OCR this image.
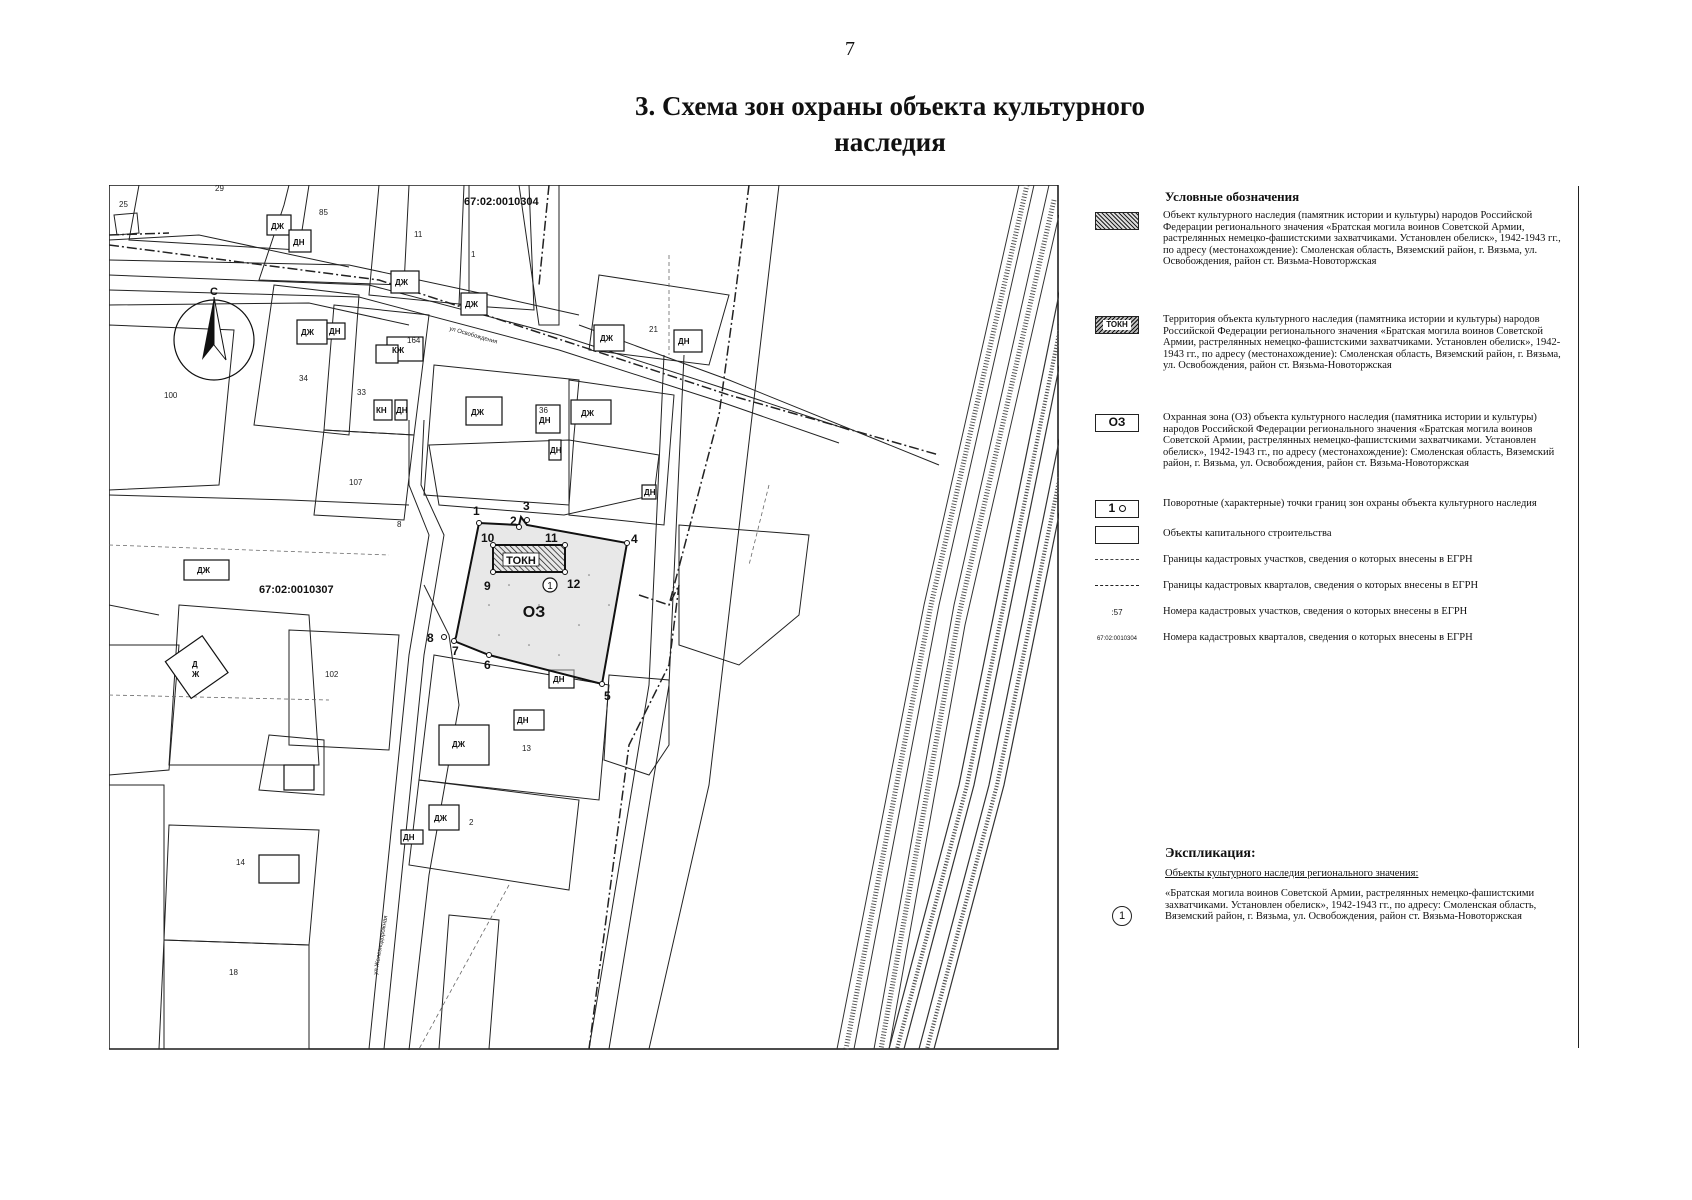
7
3. Схема зон охраны объекта культурного
наследия
ТОКН
ОЗ
1
1
2
3
4
5
6
7
8
9
10	11
12
С
67:02:0010304
67:02:0010307
ул Освобождения
ул Железнодорожная
29
25
85
11
100
34
33
107
36
21
102
13
2
14
18
1
164
8
ДЖ
ДН
ДЖ
ДЖ
ДЖ ДН
КЖ
КН ДН	ДЖ
ДН
ДЖ
ДН
ДН
ДЖ	ДН
ДЖ
Д
Ж
ДЖ
ДН
ДН
ДЖ
ДН
Условные обозначения
Объект культурного наследия (памятник истории и культуры) народов Российской Федерации регионального значения «Братская могила воинов Советской Армии, растрелянных немецко-фашистскими захватчиками. Установлен обелиск», 1942-1943 гг., по адресу (местонахождение): Смоленская область, Вяземский район, г. Вязьма, ул. Освобождения, район ст. Вязьма-Новоторжская
ТОКН	Территория объекта культурного наследия (памятника истории и культуры) народов Российской Федерации регионального значения «Братская могила воинов Советской Армии, растрелянных немецко-фашистскими захватчиками. Установлен обелиск», 1942-1943 гг., по адресу (местонахождение): Смоленская область, Вяземский район, г. Вязьма, ул. Освобождения, район ст. Вязьма-Новоторжская
ОЗ	Охранная зона (ОЗ) объекта культурного наследия (памятника истории и культуры) народов Российской Федерации регионального значения «Братская могила воинов Советской Армии, растрелянных немецко-фашистскими захватчиками. Установлен обелиск», 1942-1943 гг., по адресу (местонахождение): Смоленская область, Вяземский район, г. Вязьма, ул. Освобождения, район ст. Вязьма-Новоторжская
1	Поворотные (характерные) точки границ зон охраны объекта культурного наследия
Объекты капитального строительства
Границы кадастровых участков, сведения о которых внесены в ЕГРН
Границы кадастровых кварталов, сведения о которых внесены в ЕГРН
:57	Номера кадастровых участков, сведения о которых внесены в ЕГРН
67:02:0010304	Номера кадастровых кварталов, сведения о которых внесены в ЕГРН
Экспликация:
Объекты культурного наследия регионального значения:
1
«Братская могила воинов Советской Армии, растрелянных немецко-фашистскими захватчиками. Установлен обелиск», 1942-1943 гг., по адресу: Смоленская область, Вяземский район, г. Вязьма, ул. Освобождения, район ст. Вязьма-Новоторжская
